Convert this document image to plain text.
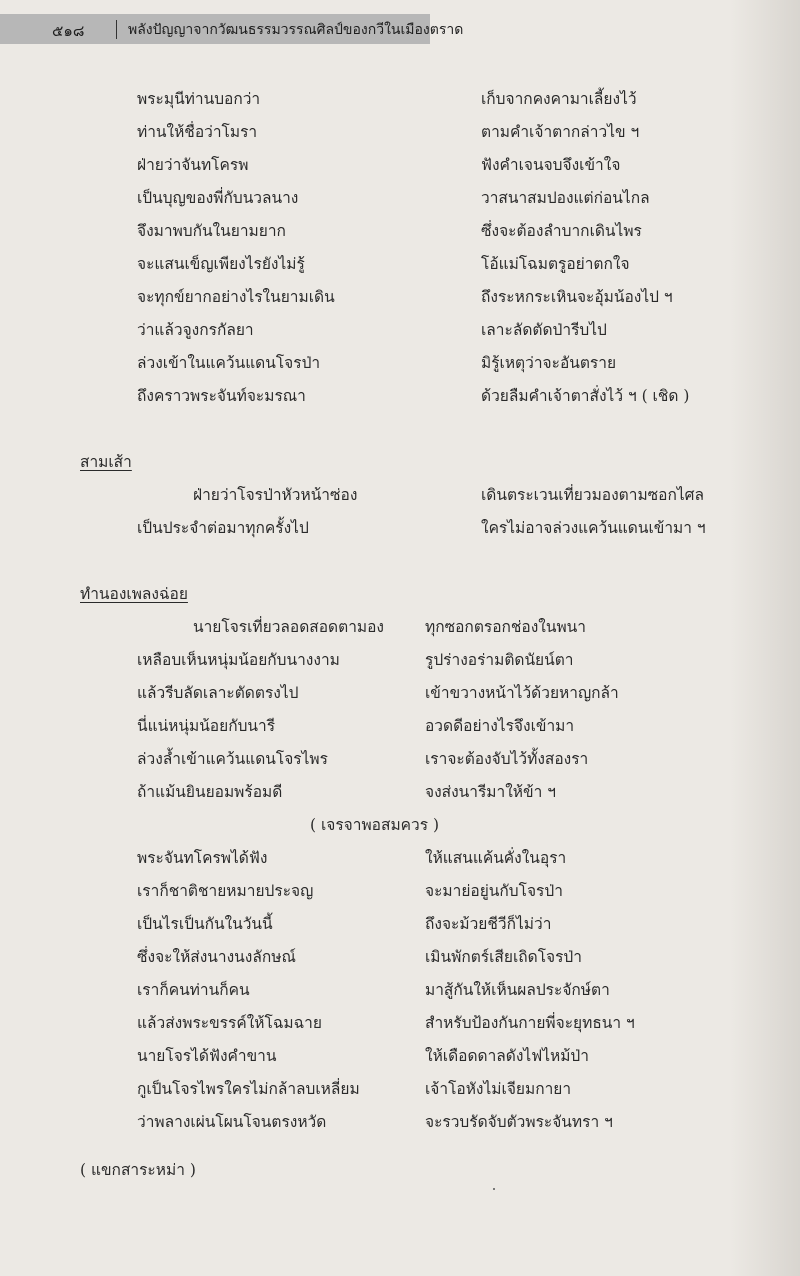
๕๑๘	พลังปัญญาจากวัฒนธรรมวรรณศิลป์ของกวีในเมืองตราด
พระมุนีท่านบอกว่า	เก็บจากคงคามาเลี้ยงไว้
ท่านให้ชื่อว่าโมรา	ตามคำเจ้าตากล่าวไข ฯ
ฝ่ายว่าจันทโครพ	ฟังคำเจนจบจึงเข้าใจ
เป็นบุญของพี่กับนวลนาง	วาสนาสมปองแต่ก่อนไกล
จึงมาพบกันในยามยาก	ซึ่งจะต้องลำบากเดินไพร
จะแสนเข็ญเพียงไรยังไม่รู้	โอ้แม่โฉมตรูอย่าตกใจ
จะทุกข์ยากอย่างไรในยามเดิน	ถึงระหกระเหินจะอุ้มน้องไป ฯ
ว่าแล้วจูงกรกัลยา	เลาะลัดตัดป่ารีบไป
ล่วงเข้าในแคว้นแดนโจรป่า	มิรู้เหตุว่าจะอันตราย
ถึงคราวพระจันท์จะมรณา	ด้วยลืมคำเจ้าตาสั่งไว้ ฯ ( เชิด )
สามเส้า
ฝ่ายว่าโจรป่าหัวหน้าซ่อง	เดินตระเวนเที่ยวมองตามซอกไศล
เป็นประจำต่อมาทุกครั้งไป	ใครไม่อาจล่วงแคว้นแดนเข้ามา ฯ
ทำนองเพลงฉ่อย
นายโจรเที่ยวลอดสอดตามอง	ทุกซอกตรอกช่องในพนา
เหลือบเห็นหนุ่มน้อยกับนางงาม	รูปร่างอร่ามติดนัยน์ตา
แล้วรีบลัดเลาะตัดตรงไป	เข้าขวางหน้าไว้ด้วยหาญกล้า
นี่แน่หนุ่มน้อยกับนารี	อวดดีอย่างไรจึงเข้ามา
ล่วงล้ำเข้าแคว้นแดนโจรไพร	เราจะต้องจับไว้ทั้งสองรา
ถ้าแม้นยินยอมพร้อมดี	จงส่งนารีมาให้ข้า ฯ
( เจรจาพอสมควร )
พระจันทโครพได้ฟัง	ให้แสนแค้นคั่งในอุรา
เราก็ชาติชายหมายประจญ	จะมาย่อยู่นกับโจรป่า
เป็นไรเป็นกันในวันนี้	ถึงจะม้วยชีวีก็ไม่ว่า
ซึ่งจะให้ส่งนางนงลักษณ์	เมินพักตร์เสียเถิดโจรป่า
เราก็คนท่านก็คน	มาสู้กันให้เห็นผลประจักษ์ตา
แล้วส่งพระขรรค์ให้โฉมฉาย	สำหรับป้องกันกายพี่จะยุทธนา ฯ
นายโจรได้ฟังคำขาน	ให้เดือดดาลดังไฟไหม้ป่า
กูเป็นโจรไพรใครไม่กล้าลบเหลี่ยม	เจ้าโอหังไม่เจียมกายา
ว่าพลางเผ่นโผนโจนตรงหวัด	จะรวบรัดจับตัวพระจันทรา ฯ
( แขกสาระหม่า )
